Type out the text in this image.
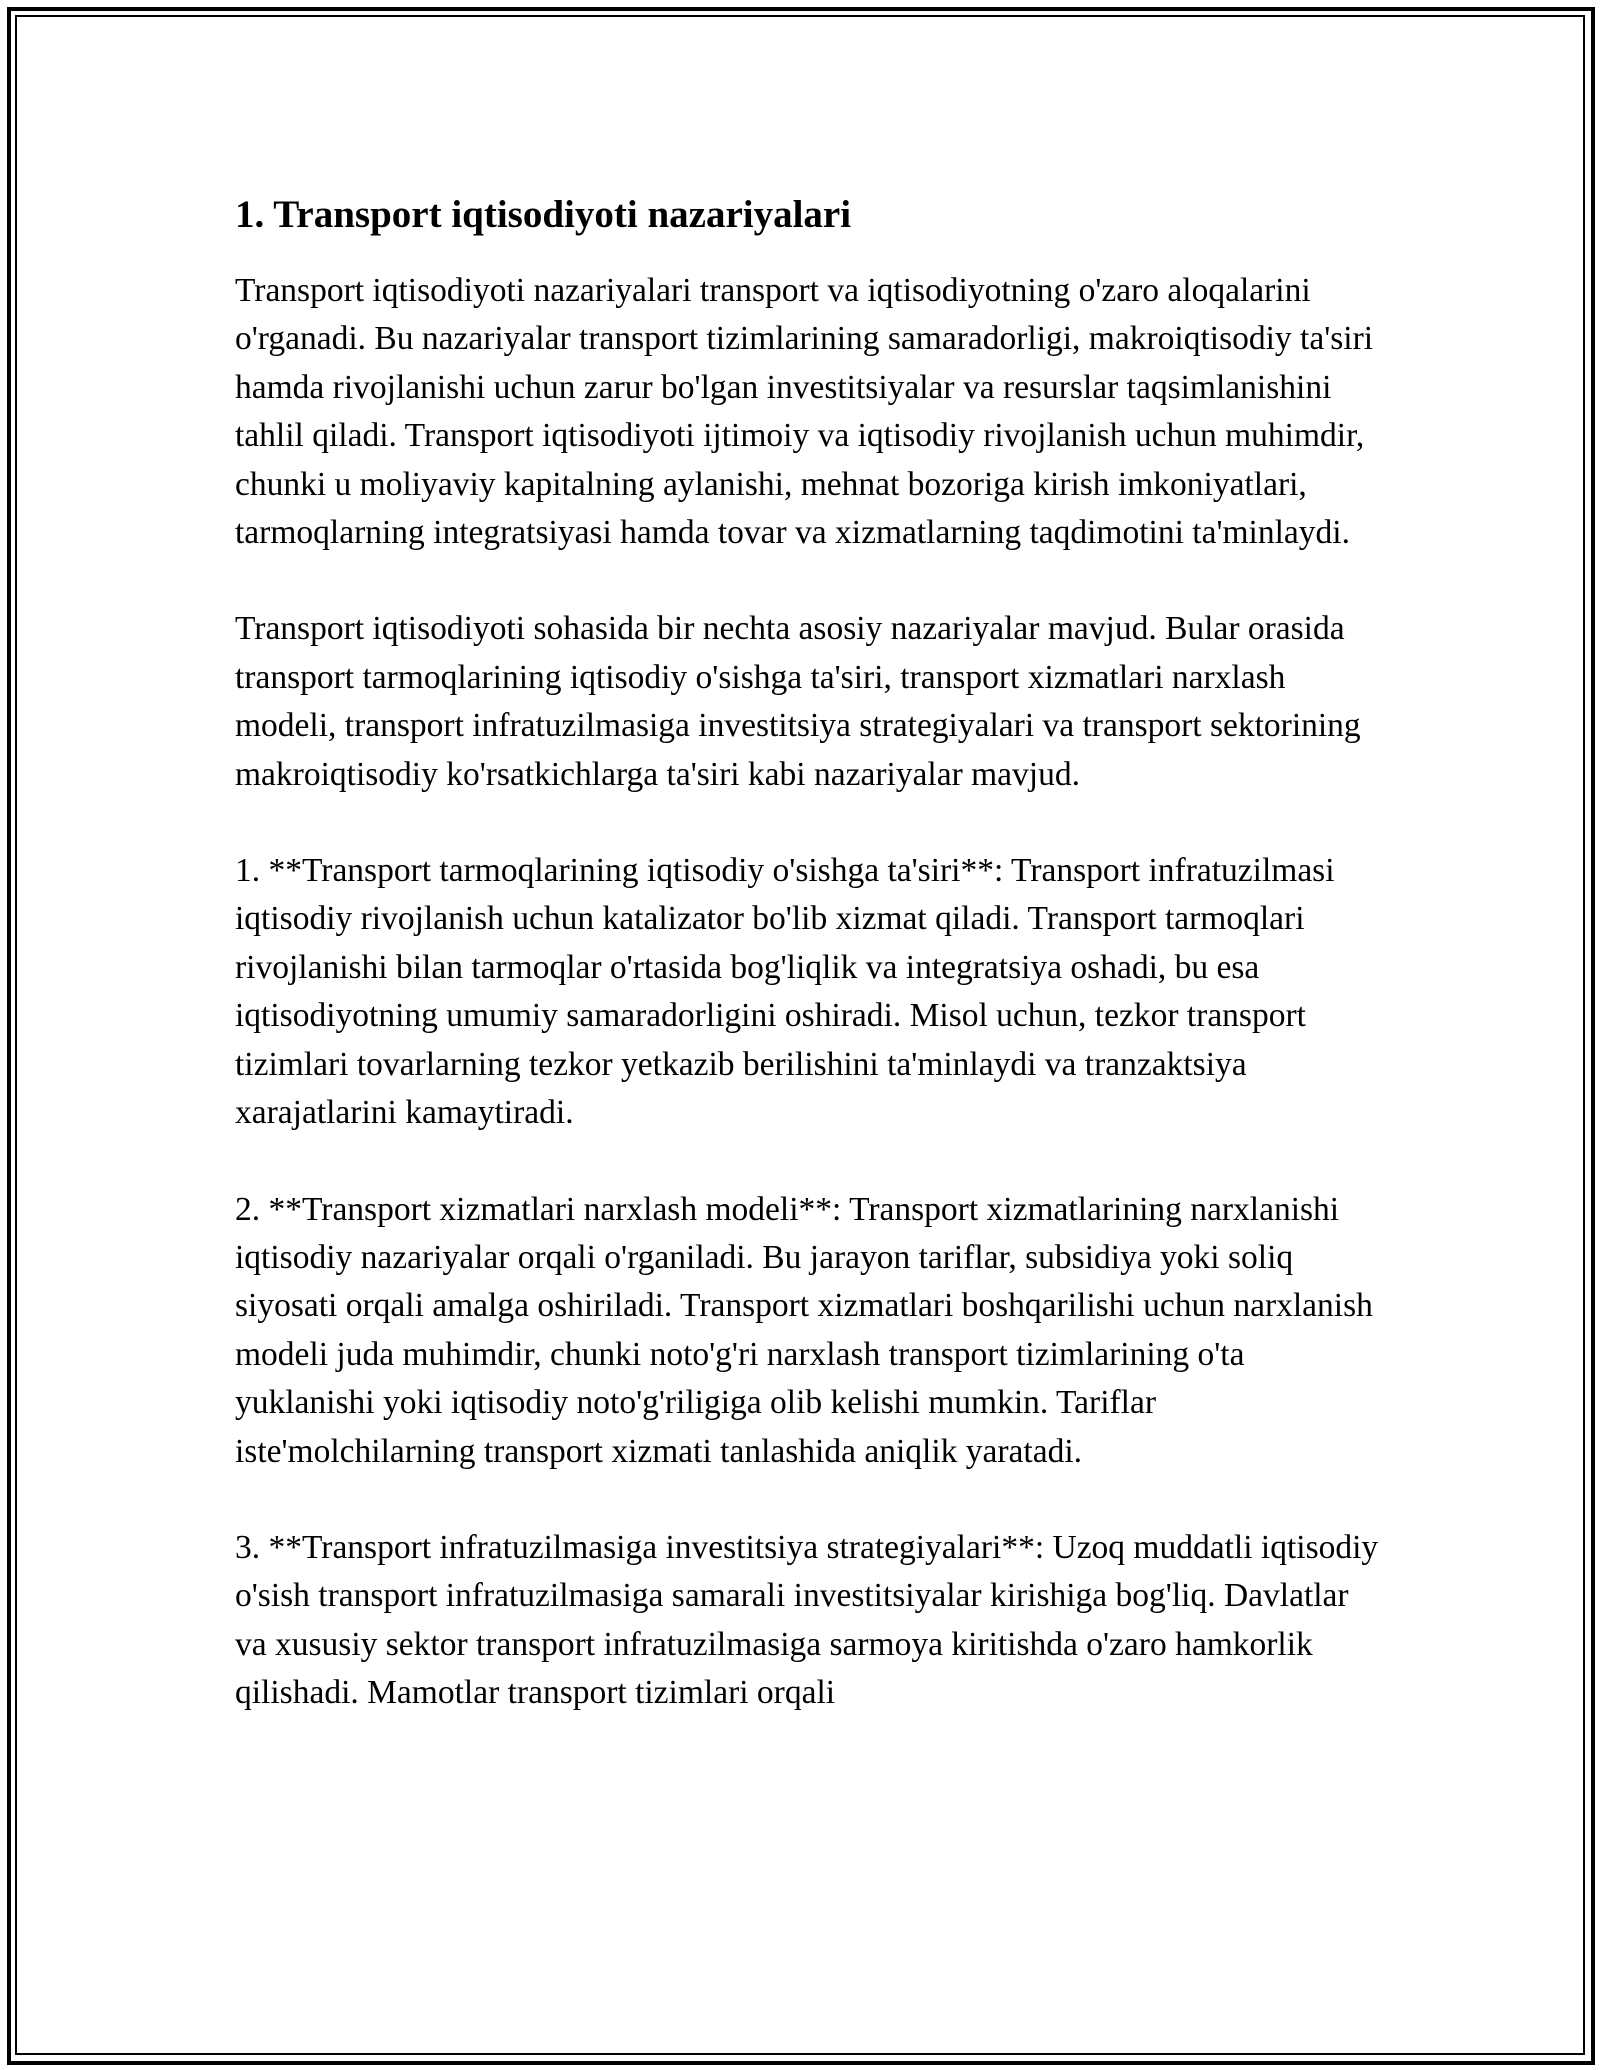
1. Transport iqtisodiyoti nazariyalari

Transport iqtisodiyoti nazariyalari transport va iqtisodiyotning o'zaro aloqalarini o'rganadi. Bu nazariyalar transport tizimlarining samaradorligi, makroiqtisodiy ta'siri hamda rivojlanishi uchun zarur bo'lgan investitsiyalar va resurslar taqsimlanishini tahlil qiladi. Transport iqtisodiyoti ijtimoiy va iqtisodiy rivojlanish uchun muhimdir, chunki u moliyaviy kapitalning aylanishi, mehnat bozoriga kirish imkoniyatlari, tarmoqlarning integratsiyasi hamda tovar va xizmatlarning taqdimotini ta'minlaydi.

Transport iqtisodiyoti sohasida bir nechta asosiy nazariyalar mavjud. Bular orasida transport tarmoqlarining iqtisodiy o'sishga ta'siri, transport xizmatlari narxlash modeli, transport infratuzilmasiga investitsiya strategiyalari va transport sektorining makroiqtisodiy ko'rsatkichlarga ta'siri kabi nazariyalar mavjud.

1. **Transport tarmoqlarining iqtisodiy o'sishga ta'siri**: Transport infratuzilmasi iqtisodiy rivojlanish uchun katalizator bo'lib xizmat qiladi. Transport tarmoqlari rivojlanishi bilan tarmoqlar o'rtasida bog'liqlik va integratsiya oshadi, bu esa iqtisodiyotning umumiy samaradorligini oshiradi. Misol uchun, tezkor transport tizimlari tovarlarning tezkor yetkazib berilishini ta'minlaydi va tranzaktsiya xarajatlarini kamaytiradi.

2. **Transport xizmatlari narxlash modeli**: Transport xizmatlarining narxlanishi iqtisodiy nazariyalar orqali o'rganiladi. Bu jarayon tariflar, subsidiya yoki soliq siyosati orqali amalga oshiriladi. Transport xizmatlari boshqarilishi uchun narxlanish modeli juda muhimdir, chunki noto'g'ri narxlash transport tizimlarining o'ta yuklanishi yoki iqtisodiy noto'g'riligiga olib kelishi mumkin. Tariflar iste'molchilarning transport xizmati tanlashida aniqlik yaratadi.

3. **Transport infratuzilmasiga investitsiya strategiyalari**: Uzoq muddatli iqtisodiy o'sish transport infratuzilmasiga samarali investitsiyalar kirishiga bog'liq. Davlatlar va xususiy sektor transport infratuzilmasiga sarmoya kiritishda o'zaro hamkorlik qilishadi. Mamotlar transport tizimlari orqali
